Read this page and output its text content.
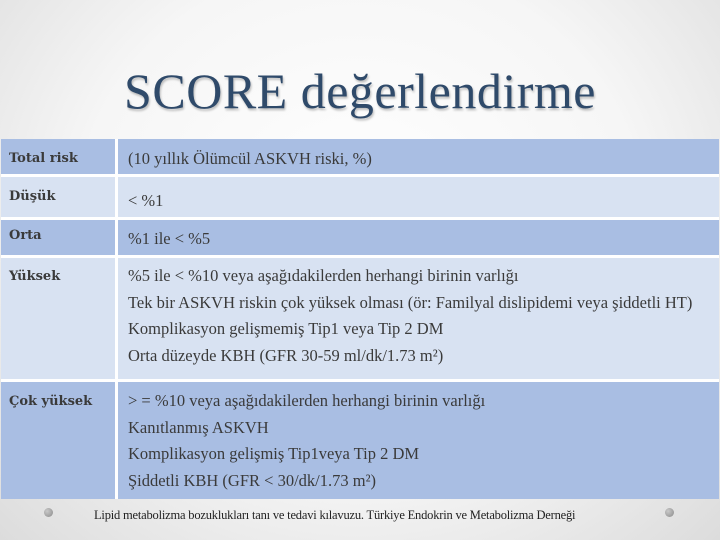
SCORE değerlendirme
Total risk	(10 yıllık Ölümcül ASKVH riski, %)
Düşük	< %1

Orta	%1 ile < %5

Yüksek	%5 ile < %10 veya aşağıdakilerden herhangi birinin varlığı
Tek bir ASKVH riskin çok yüksek olması (ör: Familyal dislipidemi veya şiddetli HT)
Komplikasyon gelişmemiş Tip1 veya Tip 2 DM
Orta düzeyde KBH (GFR 30-59 ml/dk/1.73 m²)

Çok yüksek	> = %10 veya aşağıdakilerden herhangi birinin varlığı
Kanıtlanmış ASKVH
Komplikasyon gelişmiş Tip1veya Tip 2 DM
Şiddetli KBH (GFR < 30/dk/1.73 m²)
Lipid metabolizma bozuklukları tanı ve tedavi kılavuzu. Türkiye Endokrin ve Metabolizma Derneği
